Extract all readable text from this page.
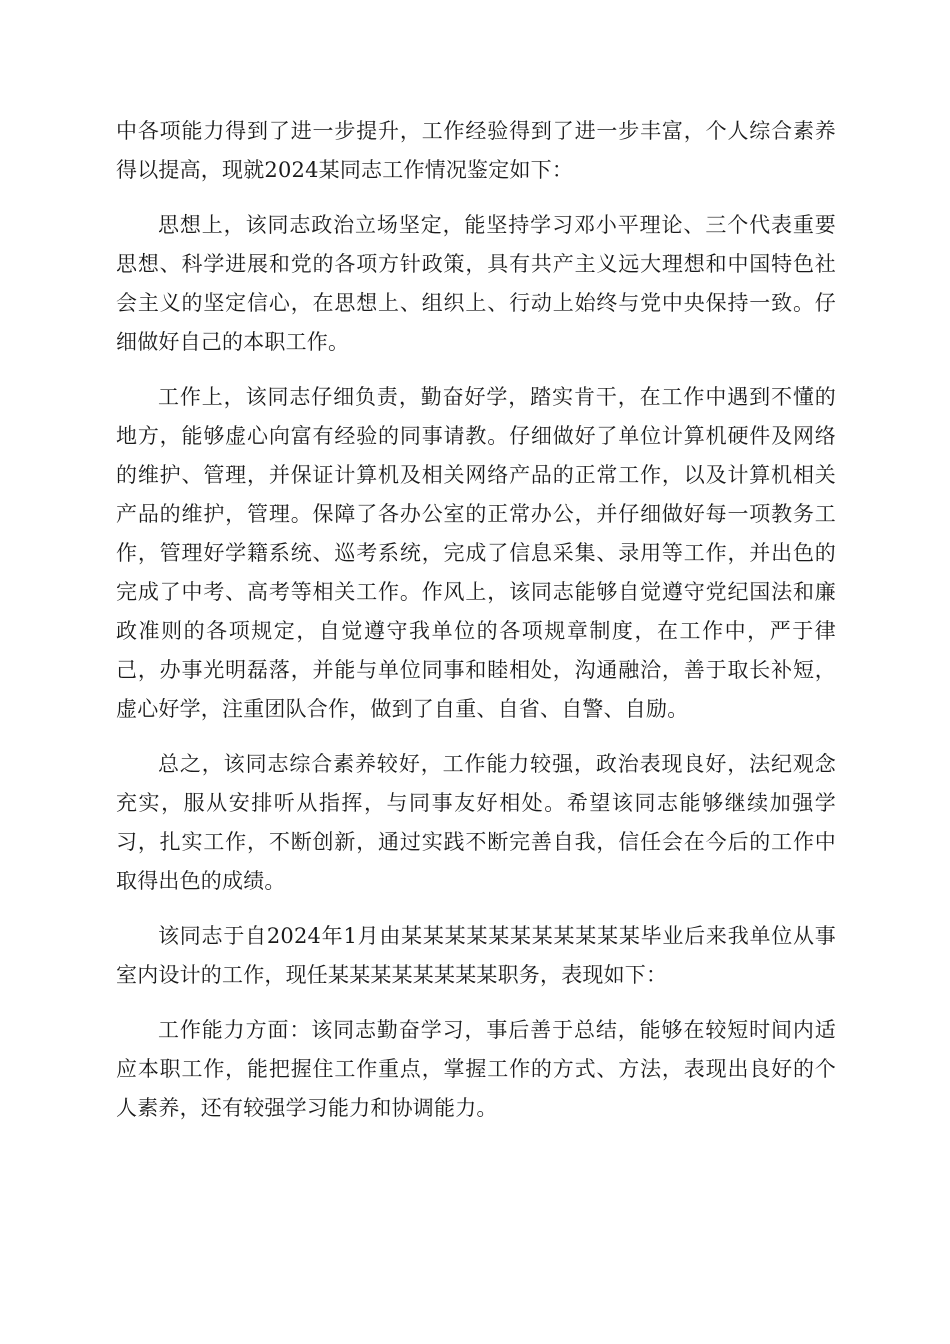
中各项能力得到了进一步提升，工作经验得到了进一步丰富，个人综合素养得以提高，现就2024某同志工作情况鉴定如下：

思想上，该同志政治立场坚定，能坚持学习邓小平理论、三个代表重要思想、科学进展和党的各项方针政策，具有共产主义远大理想和中国特色社会主义的坚定信心，在思想上、组织上、行动上始终与党中央保持一致。仔细做好自己的本职工作。

工作上，该同志仔细负责，勤奋好学，踏实肯干，在工作中遇到不懂的地方，能够虚心向富有经验的同事请教。仔细做好了单位计算机硬件及网络的维护、管理，并保证计算机及相关网络产品的正常工作，以及计算机相关产品的维护，管理。保障了各办公室的正常办公，并仔细做好每一项教务工作，管理好学籍系统、巡考系统，完成了信息采集、录用等工作，并出色的完成了中考、高考等相关工作。作风上，该同志能够自觉遵守党纪国法和廉政准则的各项规定，自觉遵守我单位的各项规章制度，在工作中，严于律己，办事光明磊落，并能与单位同事和睦相处，沟通融洽，善于取长补短，虚心好学，注重团队合作，做到了自重、自省、自警、自励。

总之，该同志综合素养较好，工作能力较强，政治表现良好，法纪观念充实，服从安排听从指挥，与同事友好相处。希望该同志能够继续加强学习，扎实工作，不断创新，通过实践不断完善自我，信任会在今后的工作中取得出色的成绩。

该同志于自2024年1月由某某某某某某某某某某某毕业后来我单位从事室内设计的工作，现任某某某某某某某某职务，表现如下：

工作能力方面：该同志勤奋学习，事后善于总结，能够在较短时间内适应本职工作，能把握住工作重点，掌握工作的方式、方法，表现出良好的个人素养，还有较强学习能力和协调能力。
